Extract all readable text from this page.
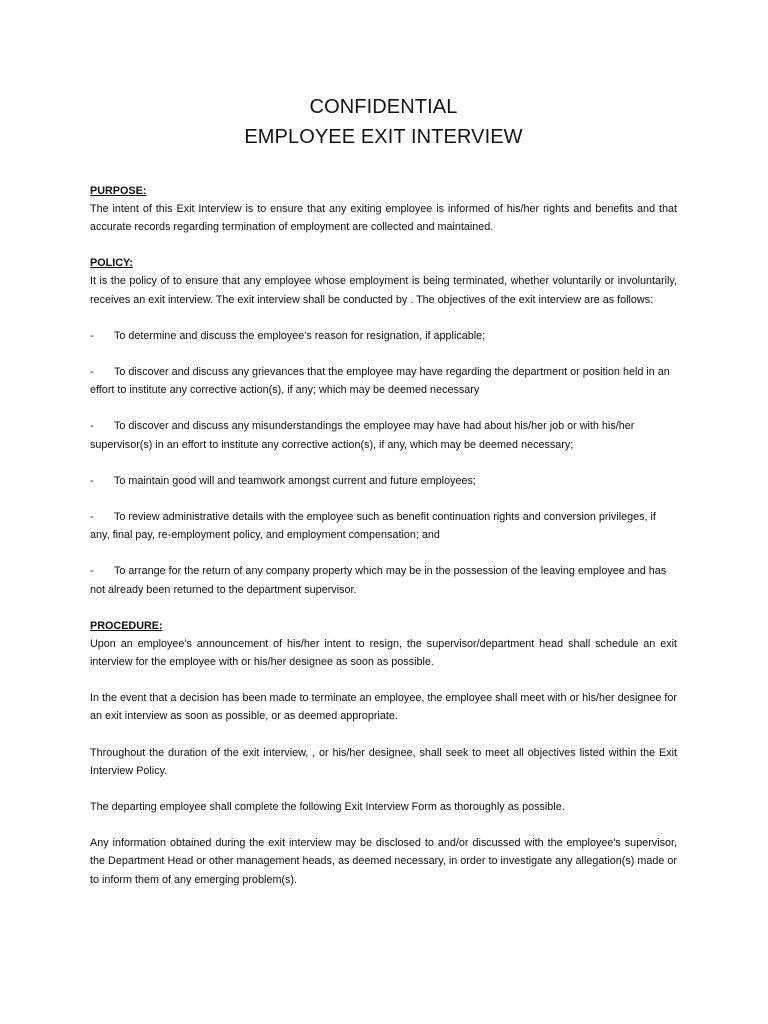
CONFIDENTIAL
EMPLOYEE EXIT INTERVIEW

PURPOSE:

The intent of this Exit Interview is to ensure that any exiting employee is informed of his/her rights and benefits and that accurate records regarding termination of employment are collected and maintained.

POLICY:

It is the policy of to ensure that any employee whose employment is being terminated, whether voluntarily or involuntarily, receives an exit interview. The exit interview shall be conducted by . The objectives of the exit interview are as follows:

- To determine and discuss the employee's reason for resignation, if applicable;

- To discover and discuss any grievances that the employee may have regarding the department or position held in an effort to institute any corrective action(s), if any; which may be deemed necessary

- To discover and discuss any misunderstandings the employee may have had about his/her job or with his/her supervisor(s) in an effort to institute any corrective action(s), if any, which may be deemed necessary;

- To maintain good will and teamwork amongst current and future employees;

- To review administrative details with the employee such as benefit continuation rights and conversion privileges, if any, final pay, re-employment policy, and employment compensation; and

- To arrange for the return of any company property which may be in the possession of the leaving employee and has not already been returned to the department supervisor.

PROCEDURE:

Upon an employee's announcement of his/her intent to resign, the supervisor/department head shall schedule an exit interview for the employee with or his/her designee as soon as possible.

In the event that a decision has been made to terminate an employee, the employee shall meet with or his/her designee for an exit interview as soon as possible, or as deemed appropriate.

Throughout the duration of the exit interview, , or his/her designee, shall seek to meet all objectives listed within the Exit Interview Policy.

The departing employee shall complete the following Exit Interview Form as thoroughly as possible.

Any information obtained during the exit interview may be disclosed to and/or discussed with the employee's supervisor, the Department Head or other management heads, as deemed necessary, in order to investigate any allegation(s) made or to inform them of any emerging problem(s).
